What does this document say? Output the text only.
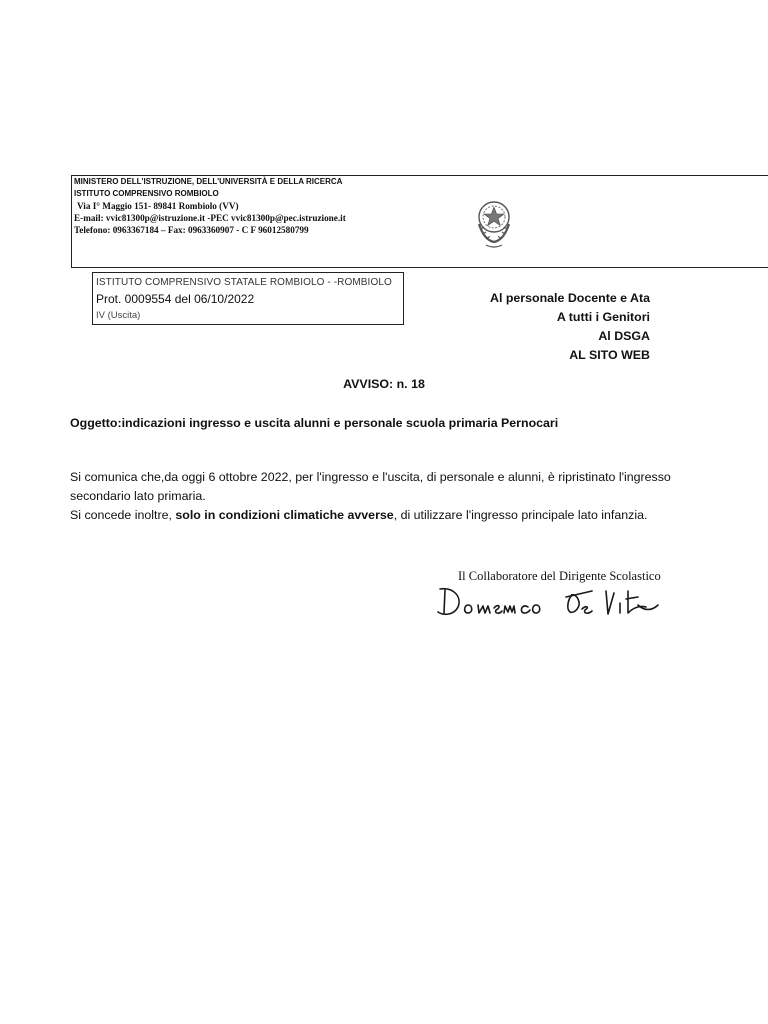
MINISTERO DELL'ISTRUZIONE, DELL'UNIVERSITÀ E DELLA RICERCA
ISTITUTO COMPRENSIVO ROMBIOLO
Via I° Maggio 151- 89841 Rombiolo (VV)
E-mail: vvic81300p@istruzione.it -PEC vvic81300p@pec.istruzione.it
Telefono: 0963367184 – Fax: 0963360907 - C F 96012580799
ISTITUTO COMPRENSIVO STATALE ROMBIOLO - -ROMBIOLO
Prot. 0009554 del 06/10/2022
IV (Uscita)
Al personale Docente e Ata
A tutti i Genitori
Al DSGA
AL SITO WEB
AVVISO: n. 18
Oggetto:indicazioni ingresso e uscita alunni e personale scuola primaria Pernocari

Si comunica che,da oggi 6 ottobre 2022, per l'ingresso e l'uscita, di personale e alunni, è ripristinato l'ingresso secondario lato primaria.

Si concede inoltre, solo in condizioni climatiche avverse, di utilizzare l'ingresso principale lato infanzia.

Il Collaboratore del Dirigente Scolastico
